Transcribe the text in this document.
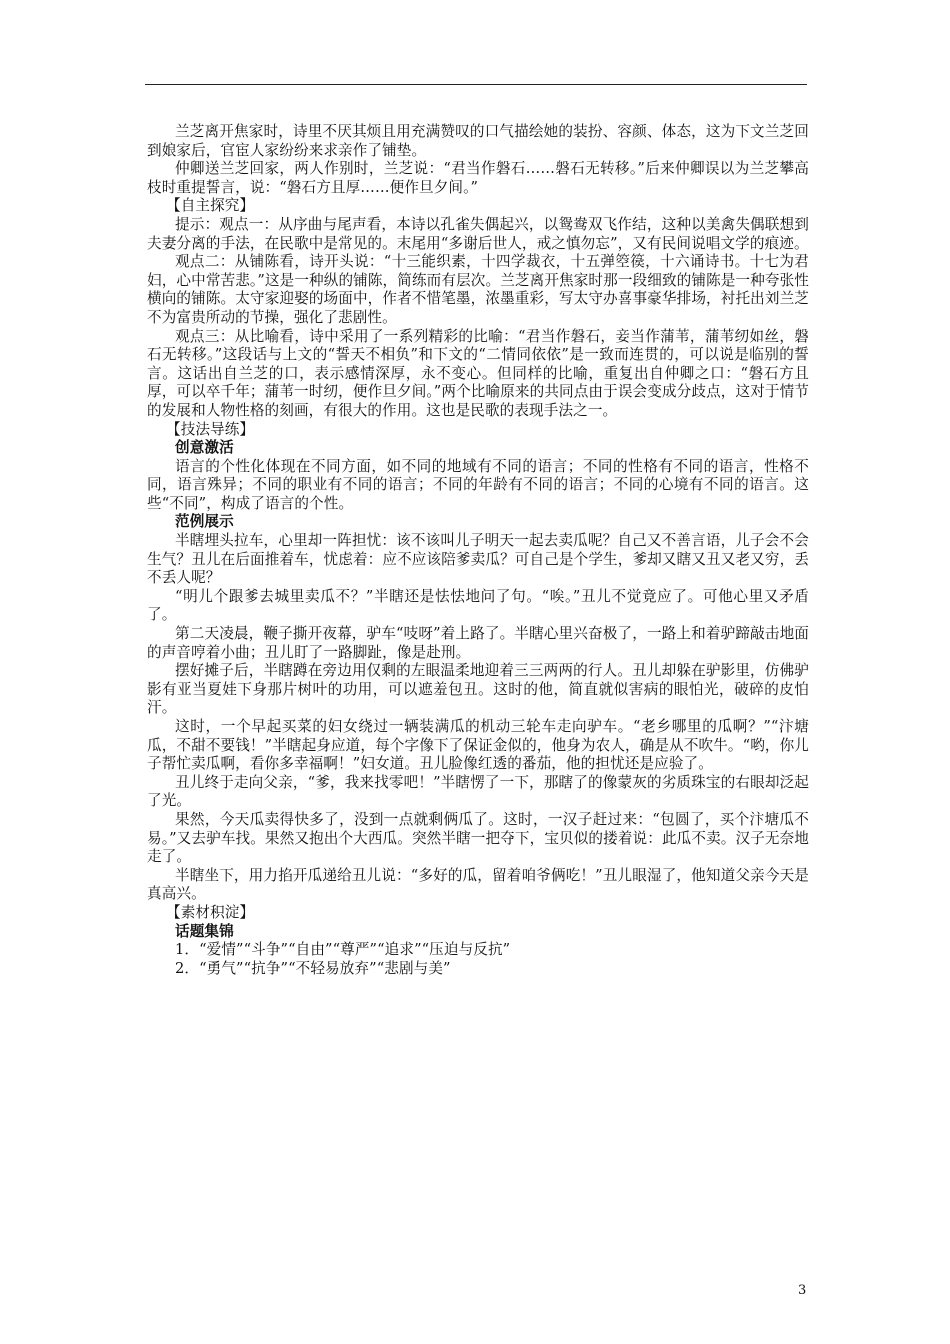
兰芝离开焦家时，诗里不厌其烦且用充满赞叹的口气描绘她的装扮、容颜、体态，这为下文兰芝回到娘家后，官宦人家纷纷来求亲作了铺垫。

仲卿送兰芝回家，两人作别时，兰芝说：“君当作磐石……磐石无转移。”后来仲卿误以为兰芝攀高枝时重提誓言，说：“磐石方且厚……便作旦夕间。”

【自主探究】

提示：观点一：从序曲与尾声看，本诗以孔雀失偶起兴，以鸳鸯双飞作结，这种以美禽失偶联想到夫妻分离的手法，在民歌中是常见的。末尾用“多谢后世人，戒之慎勿忘”，又有民间说唱文学的痕迹。

观点二：从铺陈看，诗开头说：“十三能织素，十四学裁衣，十五弹箜篌，十六诵诗书。十七为君妇，心中常苦悲。”这是一种纵的铺陈，简练而有层次。兰芝离开焦家时那一段细致的铺陈是一种夸张性横向的铺陈。太守家迎娶的场面中，作者不惜笔墨，浓墨重彩，写太守办喜事豪华排场，衬托出刘兰芝不为富贵所动的节操，强化了悲剧性。

观点三：从比喻看，诗中采用了一系列精彩的比喻：“君当作磐石，妾当作蒲苇，蒲苇纫如丝，磐石无转移。”这段话与上文的“誓天不相负”和下文的“二情同依依”是一致而连贯的，可以说是临别的誓言。这话出自兰芝的口，表示感情深厚，永不变心。但同样的比喻，重复出自仲卿之口：“磐石方且厚，可以卒千年；蒲苇一时纫，便作旦夕间。”两个比喻原来的共同点由于误会变成分歧点，这对于情节的发展和人物性格的刻画，有很大的作用。这也是民歌的表现手法之一。

【技法导练】

创意激活

语言的个性化体现在不同方面，如不同的地域有不同的语言；不同的性格有不同的语言，性格不同，语言殊异；不同的职业有不同的语言；不同的年龄有不同的语言；不同的心境有不同的语言。这些“不同”，构成了语言的个性。

范例展示

半瞎埋头拉车，心里却一阵担忧：该不该叫儿子明天一起去卖瓜呢？自己又不善言语，儿子会不会生气？丑儿在后面推着车，忧虑着：应不应该陪爹卖瓜？可自己是个学生，爹却又瞎又丑又老又穷，丢不丢人呢？

“明儿个跟爹去城里卖瓜不？”半瞎还是怯怯地问了句。“唉。”丑儿不觉竟应了。可他心里又矛盾了。

第二天凌晨，鞭子撕开夜幕，驴车“吱呀”着上路了。半瞎心里兴奋极了，一路上和着驴蹄敲击地面的声音哼着小曲；丑儿盯了一路脚趾，像是赴刑。

摆好摊子后，半瞎蹲在旁边用仅剩的左眼温柔地迎着三三两两的行人。丑儿却躲在驴影里，仿佛驴影有亚当夏娃下身那片树叶的功用，可以遮羞包丑。这时的他，简直就似害病的眼怕光，破碎的皮怕汗。

这时，一个早起买菜的妇女绕过一辆装满瓜的机动三轮车走向驴车。“老乡哪里的瓜啊？”“汴塘瓜，不甜不要钱！”半瞎起身应道，每个字像下了保证金似的，他身为农人，确是从不吹牛。“哟，你儿子帮忙卖瓜啊，看你多幸福啊！”妇女道。丑儿脸像红透的番茄，他的担忧还是应验了。

丑儿终于走向父亲，“爹，我来找零吧！”半瞎愣了一下，那瞎了的像蒙灰的劣质珠宝的右眼却泛起了光。

果然，今天瓜卖得快多了，没到一点就剩俩瓜了。这时，一汉子赶过来：“包圆了，买个汴塘瓜不易。”又去驴车找。果然又抱出个大西瓜。突然半瞎一把夺下，宝贝似的搂着说：此瓜不卖。汉子无奈地走了。

半瞎坐下，用力掐开瓜递给丑儿说：“多好的瓜，留着咱爷俩吃！”丑儿眼湿了，他知道父亲今天是真高兴。

【素材积淀】

话题集锦

1．“爱情”“斗争”“自由”“尊严”“追求”“压迫与反抗”

2．“勇气”“抗争”“不轻易放弃”“悲剧与美”

3
